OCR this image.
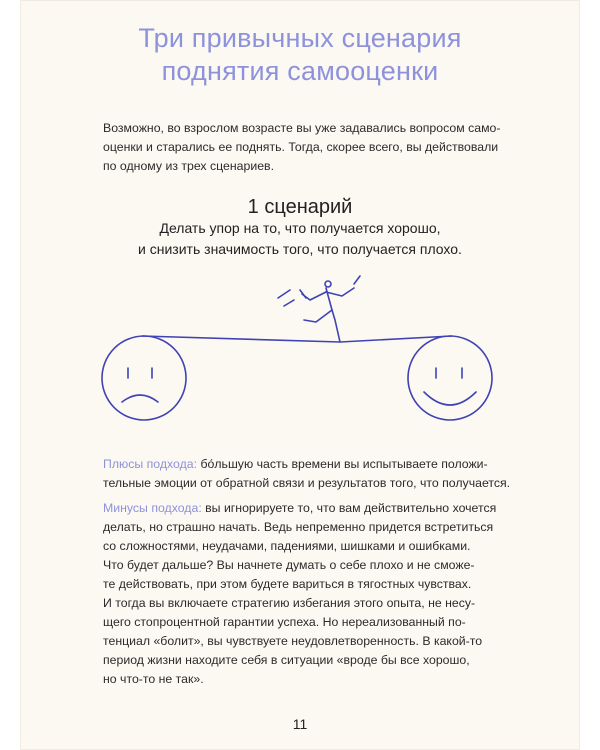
Три привычных сценария
поднятия самооценки
Возможно, во взрослом возрасте вы уже задавались вопросом само-
оценки и старались ее поднять. Тогда, скорее всего, вы действовали
по одному из трех сценариев.
1 сценарий
Делать упор на то, что получается хорошо,
и снизить значимость того, что получается плохо.
Плюсы подхода: бо́льшую часть времени вы испытываете положи-
тельные эмоции от обратной связи и результатов того, что получается.
Минусы подхода: вы игнорируете то, что вам действительно хочется
делать, но страшно начать. Ведь непременно придется встретиться
со сложностями, неудачами, падениями, шишками и ошибками.
Что будет дальше? Вы начнете думать о себе плохо и не сможе-
те действовать, при этом будете вариться в тягостных чувствах.
И тогда вы включаете стратегию избегания этого опыта, не несу-
щего стопроцентной гарантии успеха. Но нереализованный по-
тенциал «болит», вы чувствуете неудовлетворенность. В какой-то
период жизни находите себя в ситуации «вроде бы все хорошо,
но что-то не так».
11
